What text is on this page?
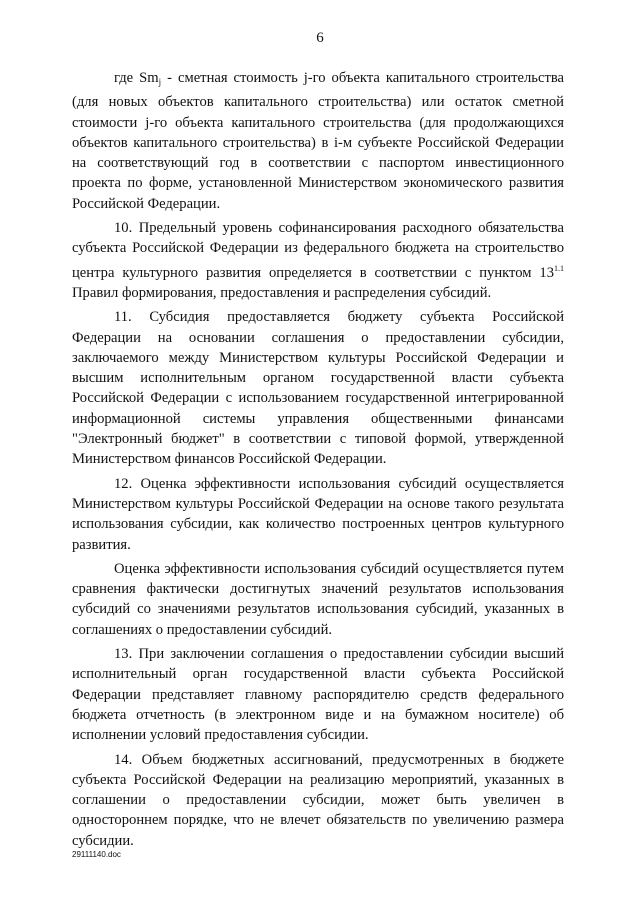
6

где $Sm_j$ - сметная стоимость j-го объекта капитального строительства (для новых объектов капитального строительства) или остаток сметной стоимости j-го объекта капитального строительства (для продолжающихся объектов капитального строительства) в i-м субъекте Российской Федерации на соответствующий год в соответствии с паспортом инвестиционного проекта по форме, установленной Министерством экономического развития Российской Федерации.

10. Предельный уровень софинансирования расходного обязательства субъекта Российской Федерации из федерального бюджета на строительство центра культурного развития определяется в соответствии с пунктом $13^{1.1}$ Правил формирования, предоставления и распределения субсидий.

11. Субсидия предоставляется бюджету субъекта Российской Федерации на основании соглашения о предоставлении субсидии, заключаемого между Министерством культуры Российской Федерации и высшим исполнительным органом государственной власти субъекта Российской Федерации с использованием государственной интегрированной информационной системы управления общественными финансами "Электронный бюджет" в соответствии с типовой формой, утвержденной Министерством финансов Российской Федерации.

12. Оценка эффективности использования субсидий осуществляется Министерством культуры Российской Федерации на основе такого результата использования субсидии, как количество построенных центров культурного развития.

Оценка эффективности использования субсидий осуществляется путем сравнения фактически достигнутых значений результатов использования субсидий со значениями результатов использования субсидий, указанных в соглашениях о предоставлении субсидий.

13. При заключении соглашения о предоставлении субсидии высший исполнительный орган государственной власти субъекта Российской Федерации представляет главному распорядителю средств федерального бюджета отчетность (в электронном виде и на бумажном носителе) об исполнении условий предоставления субсидии.

14. Объем бюджетных ассигнований, предусмотренных в бюджете субъекта Российской Федерации на реализацию мероприятий, указанных в соглашении о предоставлении субсидии, может быть увеличен в одностороннем порядке, что не влечет обязательств по увеличению размера субсидии.

29111140.doc
